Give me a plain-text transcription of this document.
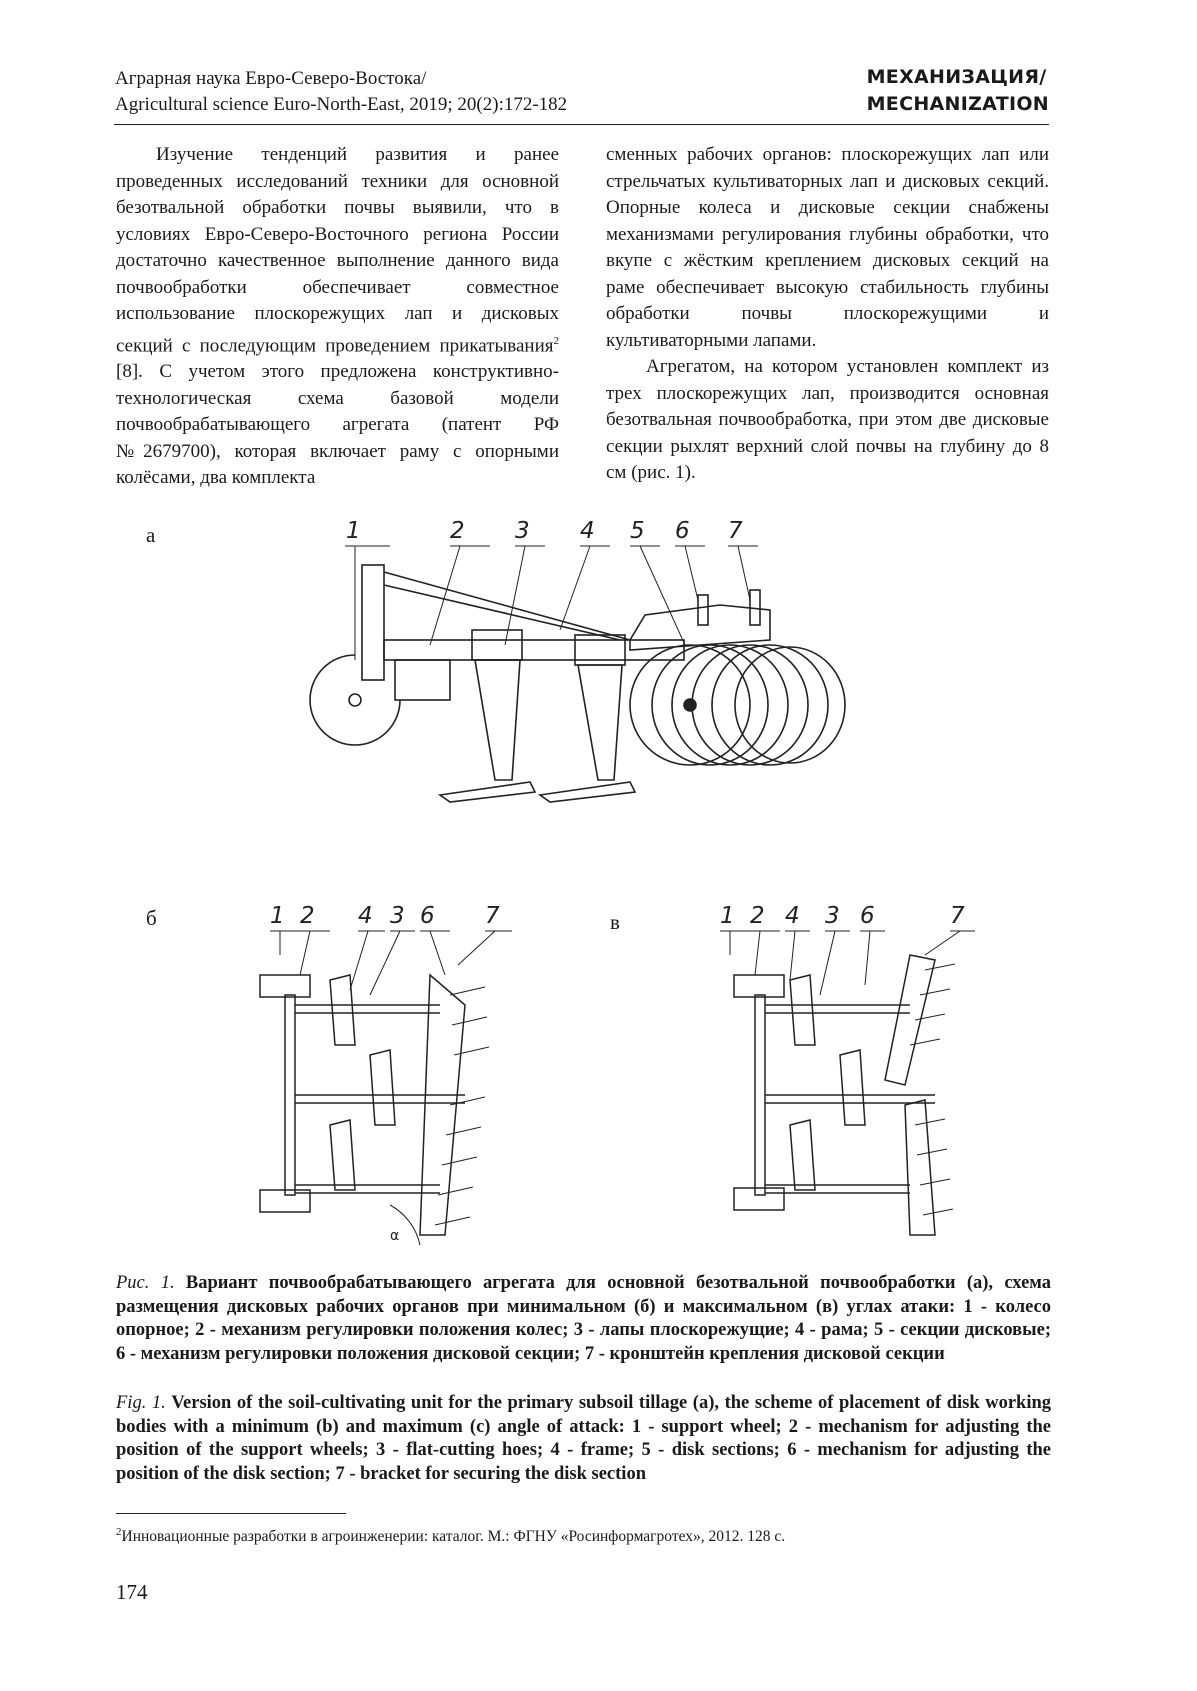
Аграрная наука Евро-Северо-Востока/
Agricultural science Euro-North-East, 2019; 20(2):172-182
МЕХАНИЗАЦИЯ/
MECHANIZATION

Изучение тенденций развития и ранее проведенных исследований техники для основной безотвальной обработки почвы выявили, что в условиях Евро-Северо-Восточного региона России достаточно качественное выполнение данного вида почвообработки обеспечивает совместное использование плоскорежущих лап и дисковых секций с последующим проведением прикатывания$^2$ [8]. С учетом этого предложена конструктивно-технологическая схема базовой модели почвообрабатывающего агрегата (патент РФ №2679700), которая включает раму с опорными колёсами, два комплекта

сменных рабочих органов: плоскорежущих лап или стрельчатых культиваторных лап и дисковых секций. Опорные колеса и дисковые секции снабжены механизмами регулирования глубины обработки, что вкупе с жёстким креплением дисковых секций на раме обеспечивает высокую стабильность глубины обработки почвы плоскорежущими и культиваторными лапами.

Агрегатом, на котором установлен комплект из трех плоскорежущих лап, производится основная безотвальная почвообработка, при этом две дисковые секции рыхлят верхний слой почвы на глубину до 8 см (рис. 1).

а
б	в
1	2 3 4 5 6 7
1 2 4 3 6 7
α
1 2 4 3 6	7
Рис. 1. Вариант почвообрабатывающего агрегата для основной безотвальной почвообработки (а), схема размещения дисковых рабочих органов при минимальном (б) и максимальном (в) углах атаки: 1 - колесо опорное; 2 - механизм регулировки положения колес; 3 - лапы плоскорежущие; 4 - рама; 5 - секции дисковые; 6 - механизм регулировки положения дисковой секции; 7 - кронштейн крепления дисковой секции
Fig. 1. Version of the soil-cultivating unit for the primary subsoil tillage (a), the scheme of placement of disk working bodies with a minimum (b) and maximum (c) angle of attack: 1 - support wheel; 2 - mechanism for adjusting the position of the support wheels; 3 - flat-cutting hoes; 4 - frame; 5 - disk sections; 6 - mechanism for adjusting the position of the disk section; 7 - bracket for securing the disk section
$^2$Инновационные разработки в агроинженерии: каталог. М.: ФГНУ «Росинформагротех», 2012. 128 с.
174
